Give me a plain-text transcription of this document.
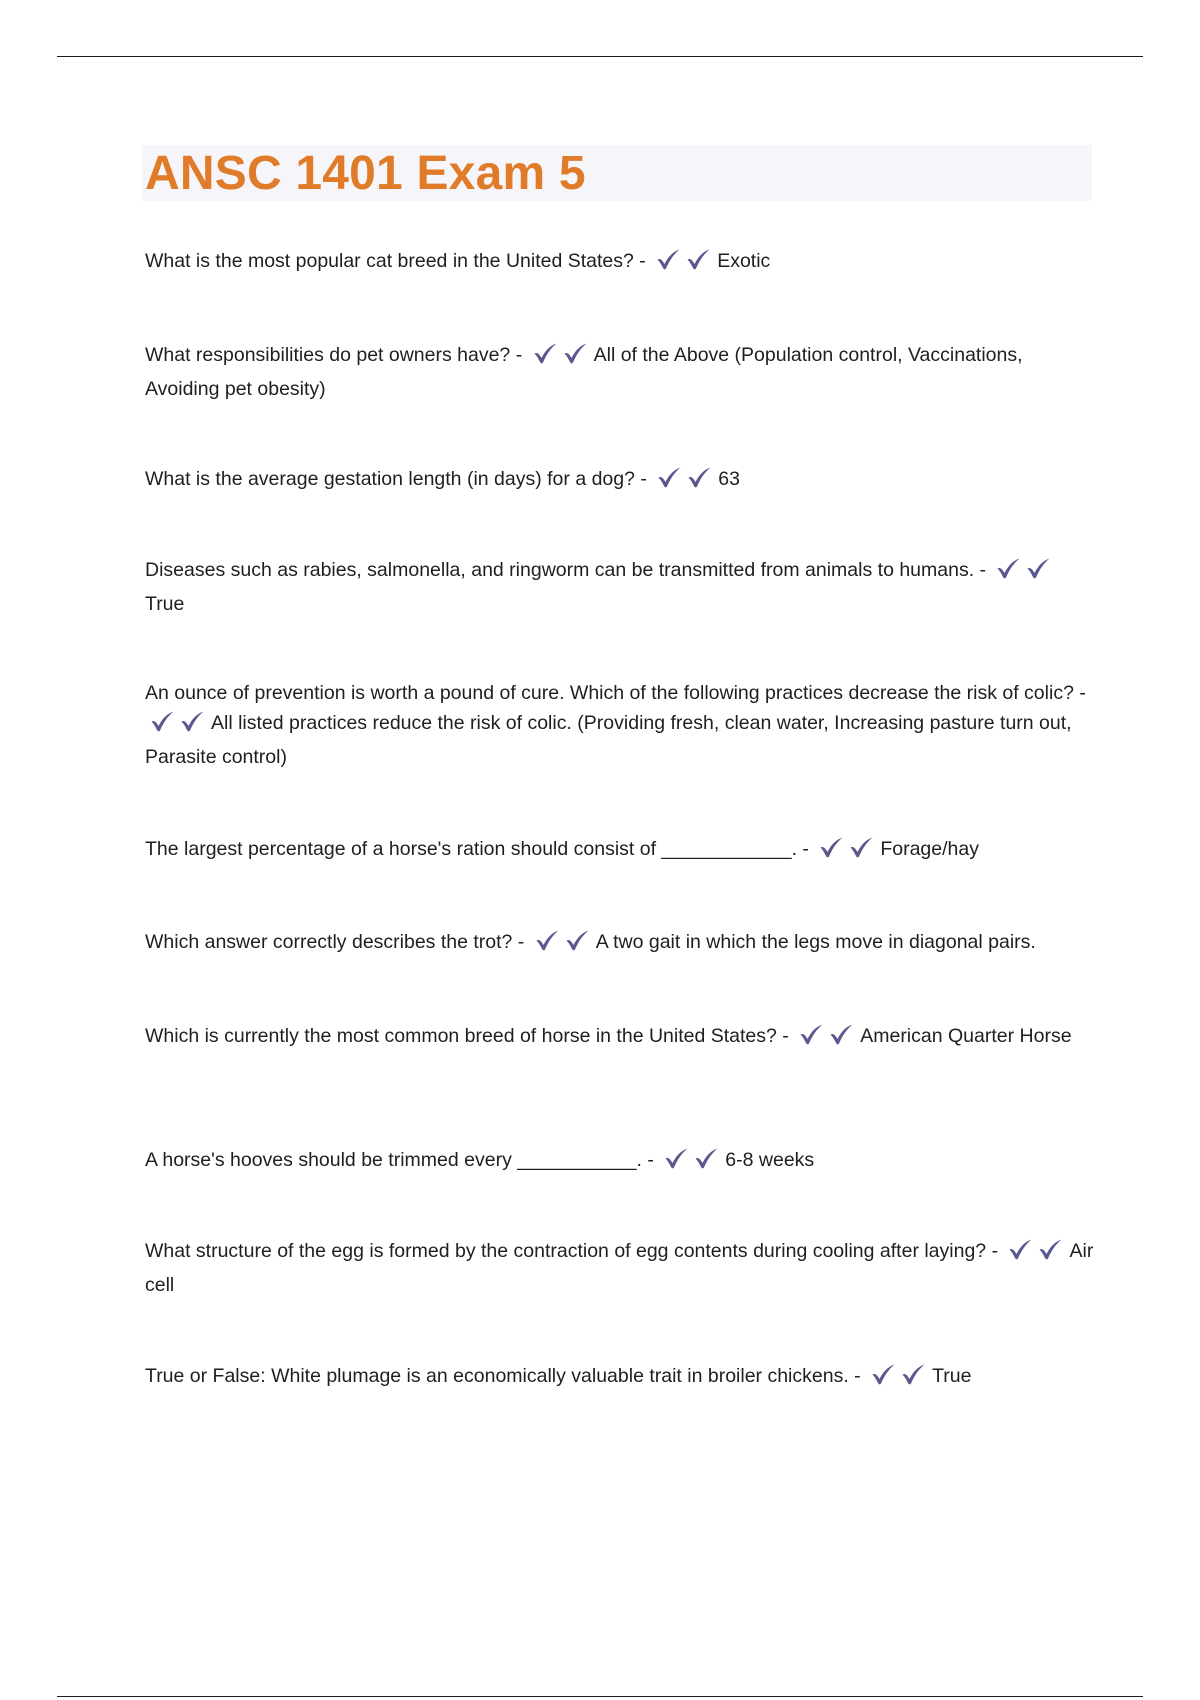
ANSC 1401 Exam 5

What is the most popular cat breed in the United States? -	Exotic

What responsibilities do pet owners have? -	All of the Above (Population control, Vaccinations, Avoiding pet obesity)

What is the average gestation length (in days) for a dog? -	63

Diseases such as rabies, salmonella, and ringworm can be transmitted from animals to humans. -
True

An ounce of prevention is worth a pound of cure. Which of the following practices decrease the risk of colic? -
All listed practices reduce the risk of colic. (Providing fresh, clean water, Increasing pasture turn out, Parasite control)

The largest percentage of a horse's ration should consist of ____________. -	Forage/hay

Which answer correctly describes the trot? -	A two gait in which the legs move in diagonal pairs.

Which is currently the most common breed of horse in the United States? -	American Quarter Horse

A horse's hooves should be trimmed every ___________. -	6-8 weeks

What structure of the egg is formed by the contraction of egg contents during cooling after laying? -	Air cell

True or False: White plumage is an economically valuable trait in broiler chickens. -	True
